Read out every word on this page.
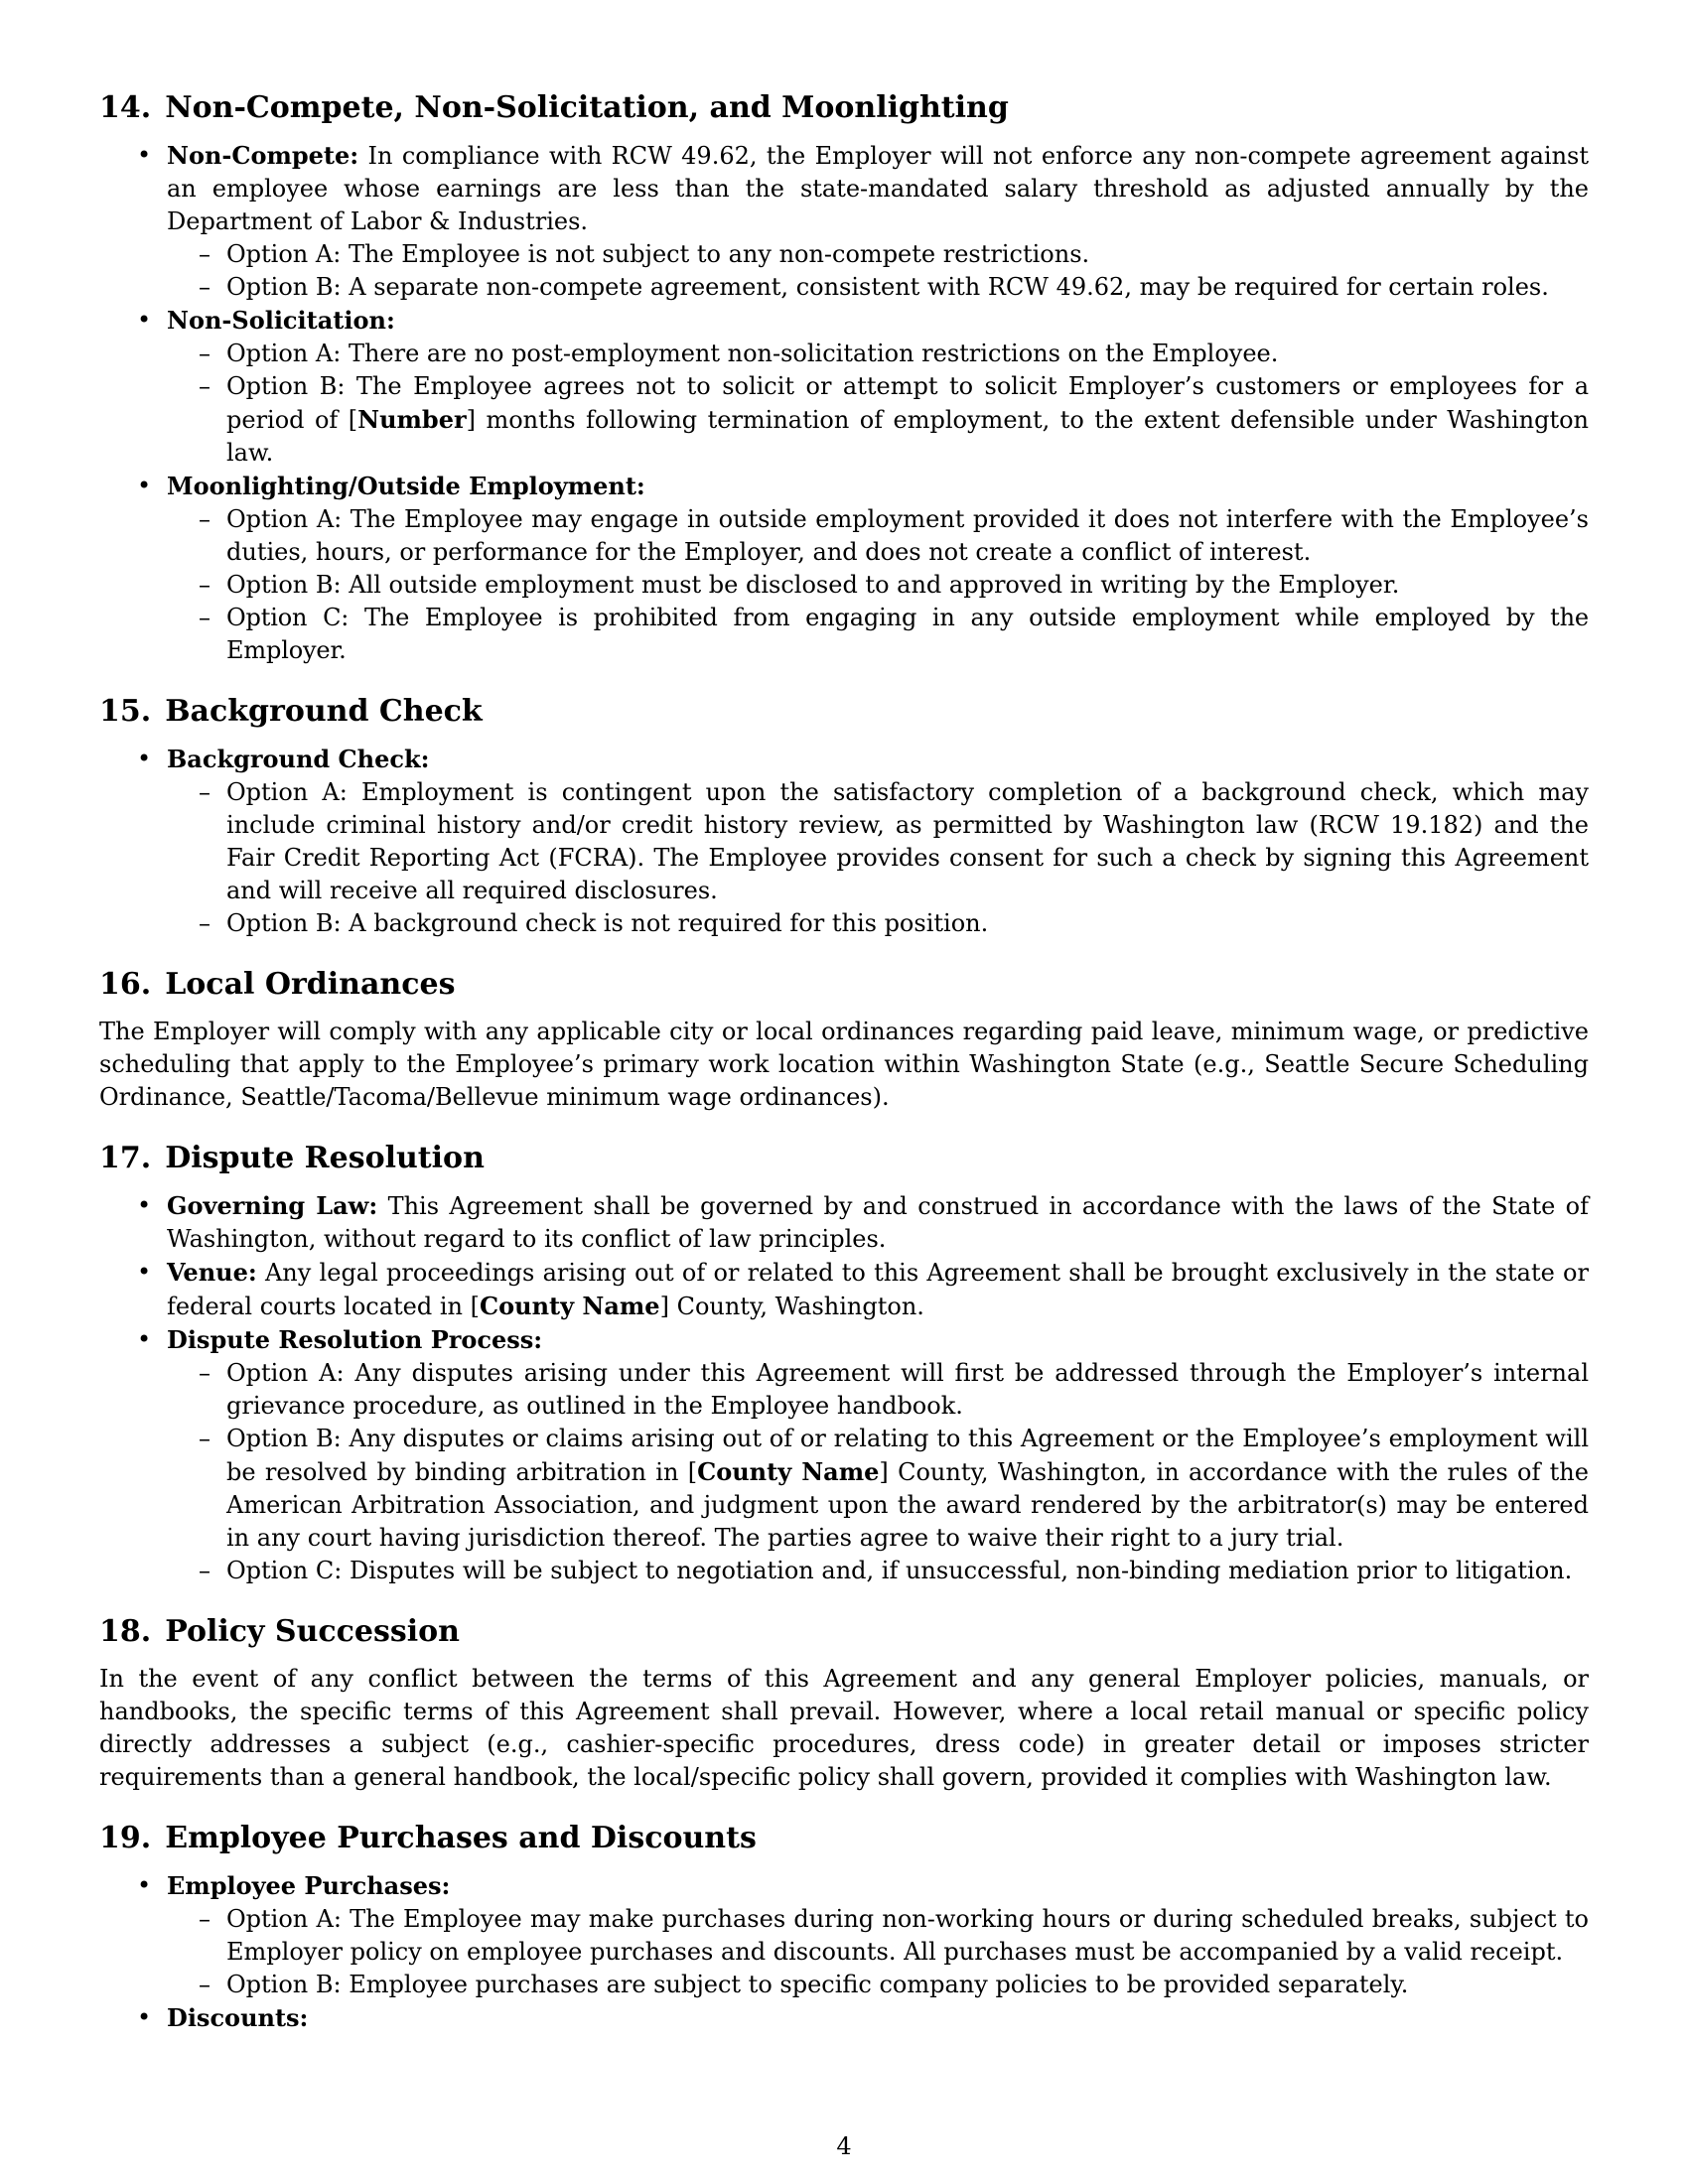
14. Non-Compete, Non-Solicitation, and Moonlighting
• Non-Compete: In compliance with RCW 49.62, the Employer will not enforce any non-compete agreement against an employee whose earnings are less than the state-mandated salary threshold as adjusted annually by the Department of Labor & Industries.
– Option A: The Employee is not subject to any non-compete restrictions.
– Option B: A separate non-compete agreement, consistent with RCW 49.62, may be required for certain roles.
• Non-Solicitation:
– Option A: There are no post-employment non-solicitation restrictions on the Employee.
– Option B: The Employee agrees not to solicit or attempt to solicit Employer’s customers or employees for a period of [Number] months following termination of employment, to the extent defensible under Washington law.
• Moonlighting/Outside Employment:
– Option A: The Employee may engage in outside employment provided it does not interfere with the Employee’s duties, hours, or performance for the Employer, and does not create a conflict of interest.
– Option B: All outside employment must be disclosed to and approved in writing by the Employer.
– Option C: The Employee is prohibited from engaging in any outside employment while employed by the Employer.
15. Background Check
• Background Check:
– Option A: Employment is contingent upon the satisfactory completion of a background check, which may include criminal history and/or credit history review, as permitted by Washington law (RCW 19.182) and the Fair Credit Reporting Act (FCRA). The Employee provides consent for such a check by signing this Agreement and will receive all required disclosures.
– Option B: A background check is not required for this position.
16. Local Ordinances

The Employer will comply with any applicable city or local ordinances regarding paid leave, minimum wage, or predictive scheduling that apply to the Employee’s primary work location within Washington State (e.g., Seattle Secure Scheduling Ordinance, Seattle/Tacoma/Bellevue minimum wage ordinances).

17. Dispute Resolution
• Governing Law: This Agreement shall be governed by and construed in accordance with the laws of the State of Washington, without regard to its conflict of law principles.
• Venue: Any legal proceedings arising out of or related to this Agreement shall be brought exclusively in the state or federal courts located in [County Name] County, Washington.
• Dispute Resolution Process:
– Option A: Any disputes arising under this Agreement will first be addressed through the Employer’s internal grievance procedure, as outlined in the Employee handbook.
– Option B: Any disputes or claims arising out of or relating to this Agreement or the Employee’s employment will be resolved by binding arbitration in [County Name] County, Washington, in accordance with the rules of the American Arbitration Association, and judgment upon the award rendered by the arbitrator(s) may be entered in any court having jurisdiction thereof. The parties agree to waive their right to a jury trial.
– Option C: Disputes will be subject to negotiation and, if unsuccessful, non-binding mediation prior to litigation.
18. Policy Succession

In the event of any conflict between the terms of this Agreement and any general Employer policies, manuals, or handbooks, the specific terms of this Agreement shall prevail. However, where a local retail manual or specific policy directly addresses a subject (e.g., cashier-specific procedures, dress code) in greater detail or imposes stricter requirements than a general handbook, the local/specific policy shall govern, provided it complies with Washington law.

19. Employee Purchases and Discounts
• Employee Purchases:
– Option A: The Employee may make purchases during non-working hours or during scheduled breaks, subject to Employer policy on employee purchases and discounts. All purchases must be accompanied by a valid receipt.
– Option B: Employee purchases are subject to specific company policies to be provided separately.
• Discounts:
4
